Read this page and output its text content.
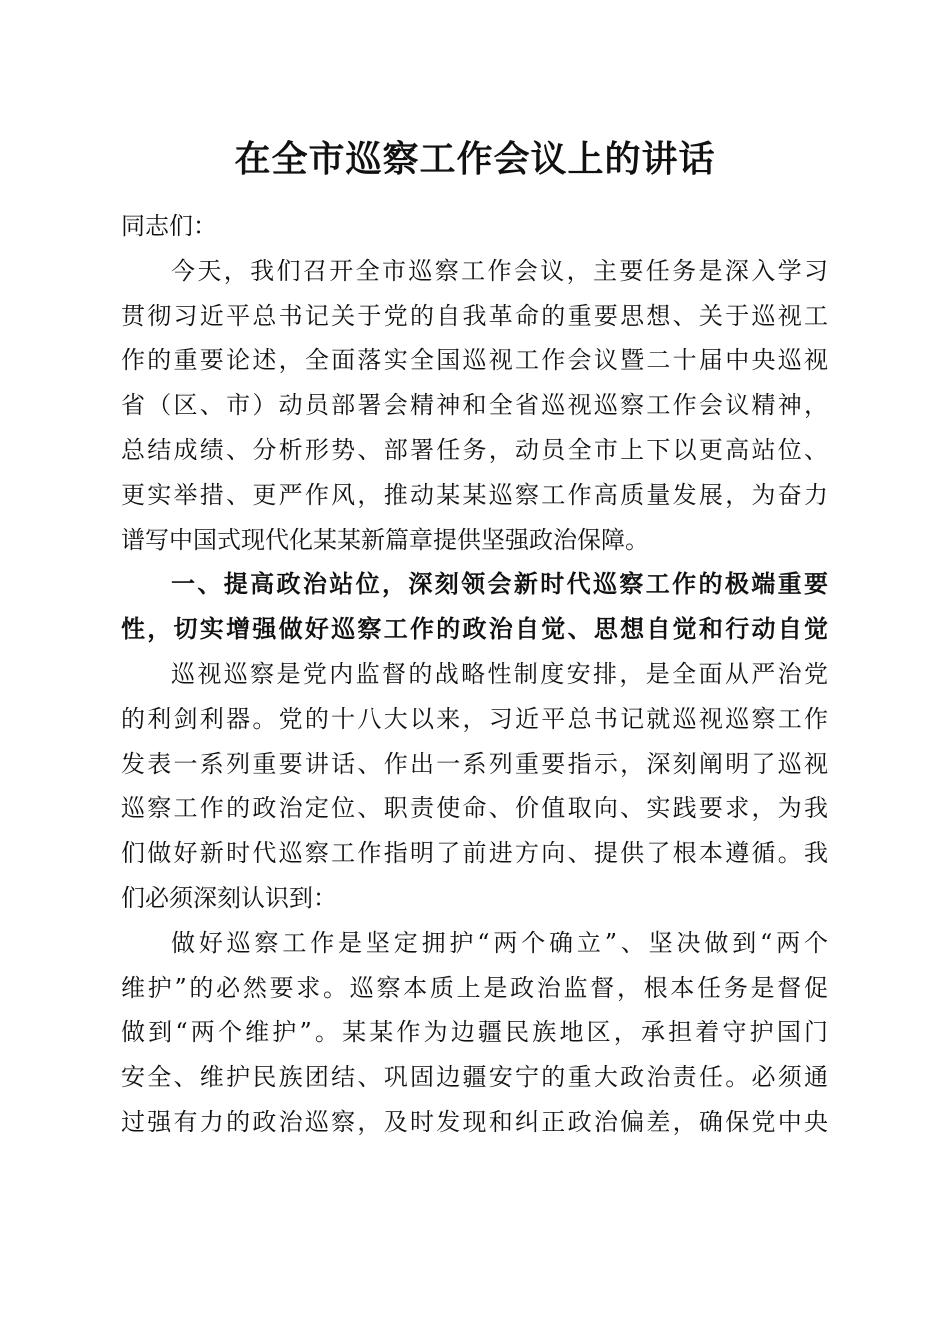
在全市巡察工作会议上的讲话
同志们：
今天，我们召开全市巡察工作会议，主要任务是深入学习
贯彻习近平总书记关于党的自我革命的重要思想、关于巡视工
作的重要论述，全面落实全国巡视工作会议暨二十届中央巡视
省（区、市）动员部署会精神和全省巡视巡察工作会议精神，
总结成绩、分析形势、部署任务，动员全市上下以更高站位、
更实举措、更严作风，推动某某巡察工作高质量发展，为奋力
谱写中国式现代化某某新篇章提供坚强政治保障。
一、提高政治站位，深刻领会新时代巡察工作的极端重要
性，切实增强做好巡察工作的政治自觉、思想自觉和行动自觉
巡视巡察是党内监督的战略性制度安排，是全面从严治党
的利剑利器。党的十八大以来，习近平总书记就巡视巡察工作
发表一系列重要讲话、作出一系列重要指示，深刻阐明了巡视
巡察工作的政治定位、职责使命、价值取向、实践要求，为我
们做好新时代巡察工作指明了前进方向、提供了根本遵循。我
们必须深刻认识到：
做好巡察工作是坚定拥护“两个确立”、坚决做到“两个
维护”的必然要求。巡察本质上是政治监督，根本任务是督促
做到“两个维护”。某某作为边疆民族地区，承担着守护国门
安全、维护民族团结、巩固边疆安宁的重大政治责任。必须通
过强有力的政治巡察，及时发现和纠正政治偏差，确保党中央
